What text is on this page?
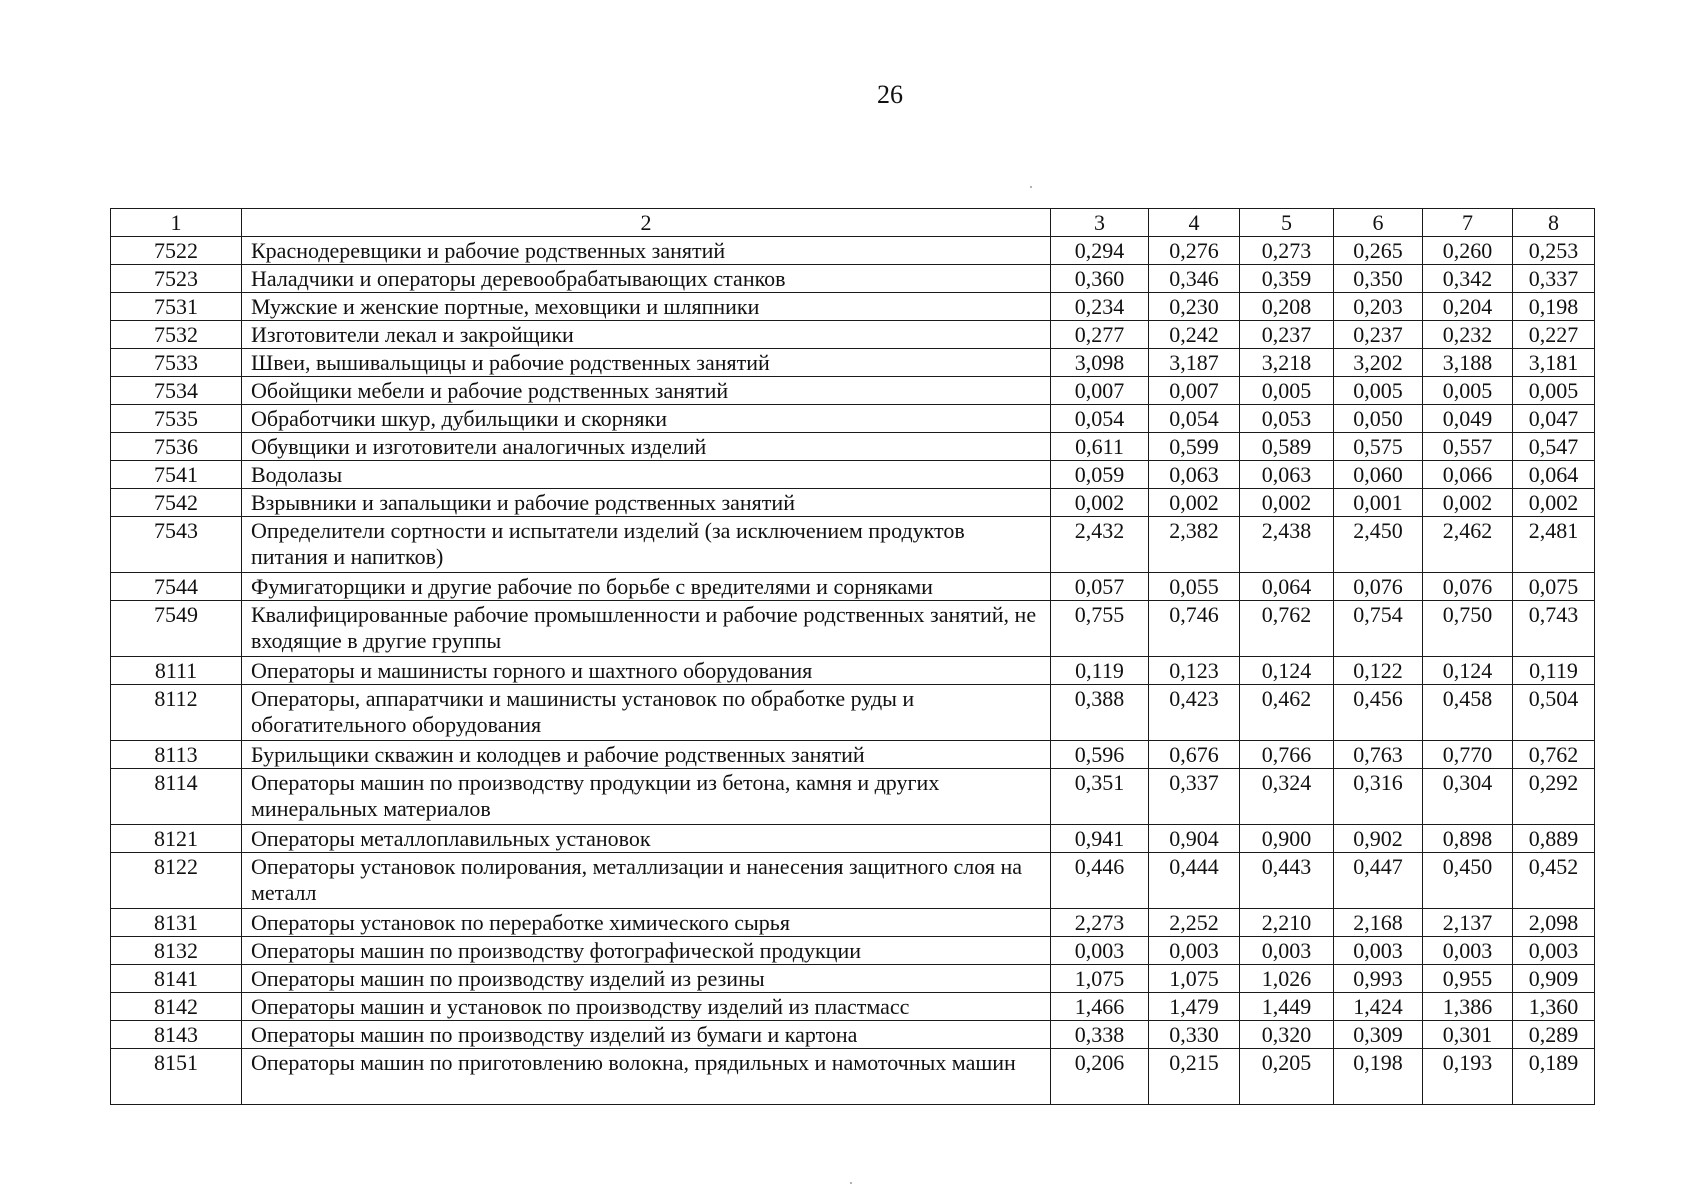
26
1	2	3	4	5	6	7	8
7522	Краснодеревщики и рабочие родственных занятий	0,294	0,276	0,273	0,265	0,260	0,253
7523	Наладчики и операторы деревообрабатывающих станков	0,360	0,346	0,359	0,350	0,342	0,337
7531	Мужские и женские портные, меховщики и шляпники	0,234	0,230	0,208	0,203	0,204	0,198
7532	Изготовители лекал и закройщики	0,277	0,242	0,237	0,237	0,232	0,227
7533	Швеи, вышивальщицы и рабочие родственных занятий	3,098	3,187	3,218	3,202	3,188	3,181
7534	Обойщики мебели и рабочие родственных занятий	0,007	0,007	0,005	0,005	0,005	0,005
7535	Обработчики шкур, дубильщики и скорняки	0,054	0,054	0,053	0,050	0,049	0,047
7536	Обувщики и изготовители аналогичных изделий	0,611	0,599	0,589	0,575	0,557	0,547
7541	Водолазы	0,059	0,063	0,063	0,060	0,066	0,064
7542	Взрывники и запальщики и рабочие родственных занятий	0,002	0,002	0,002	0,001	0,002	0,002
7543	Определители сортности и испытатели изделий (за исключением продуктов питания и напитков)	2,432	2,382	2,438	2,450	2,462	2,481
7544	Фумигаторщики и другие рабочие по борьбе с вредителями и сорняками	0,057	0,055	0,064	0,076	0,076	0,075
7549	Квалифицированные рабочие промышленности и рабочие родственных занятий, не входящие в другие группы	0,755	0,746	0,762	0,754	0,750	0,743
8111	Операторы и машинисты горного и шахтного оборудования	0,119	0,123	0,124	0,122	0,124	0,119
8112	Операторы, аппаратчики и машинисты установок по обработке руды и обогатительного оборудования	0,388	0,423	0,462	0,456	0,458	0,504
8113	Бурильщики скважин и колодцев и рабочие родственных занятий	0,596	0,676	0,766	0,763	0,770	0,762
8114	Операторы машин по производству продукции из бетона, камня и других минеральных материалов	0,351	0,337	0,324	0,316	0,304	0,292
8121	Операторы металлоплавильных установок	0,941	0,904	0,900	0,902	0,898	0,889
8122	Операторы установок полирования, металлизации и нанесения защитного слоя на металл	0,446	0,444	0,443	0,447	0,450	0,452
8131	Операторы установок по переработке химического сырья	2,273	2,252	2,210	2,168	2,137	2,098
8132	Операторы машин по производству фотографической продукции	0,003	0,003	0,003	0,003	0,003	0,003
8141	Операторы машин по производству изделий из резины	1,075	1,075	1,026	0,993	0,955	0,909
8142	Операторы машин и установок по производству изделий из пластмасс	1,466	1,479	1,449	1,424	1,386	1,360
8143	Операторы машин по производству изделий из бумаги и картона	0,338	0,330	0,320	0,309	0,301	0,289
8151	Операторы машин по приготовлению волокна, прядильных и намоточных машин	0,206	0,215	0,205	0,198	0,193	0,189
